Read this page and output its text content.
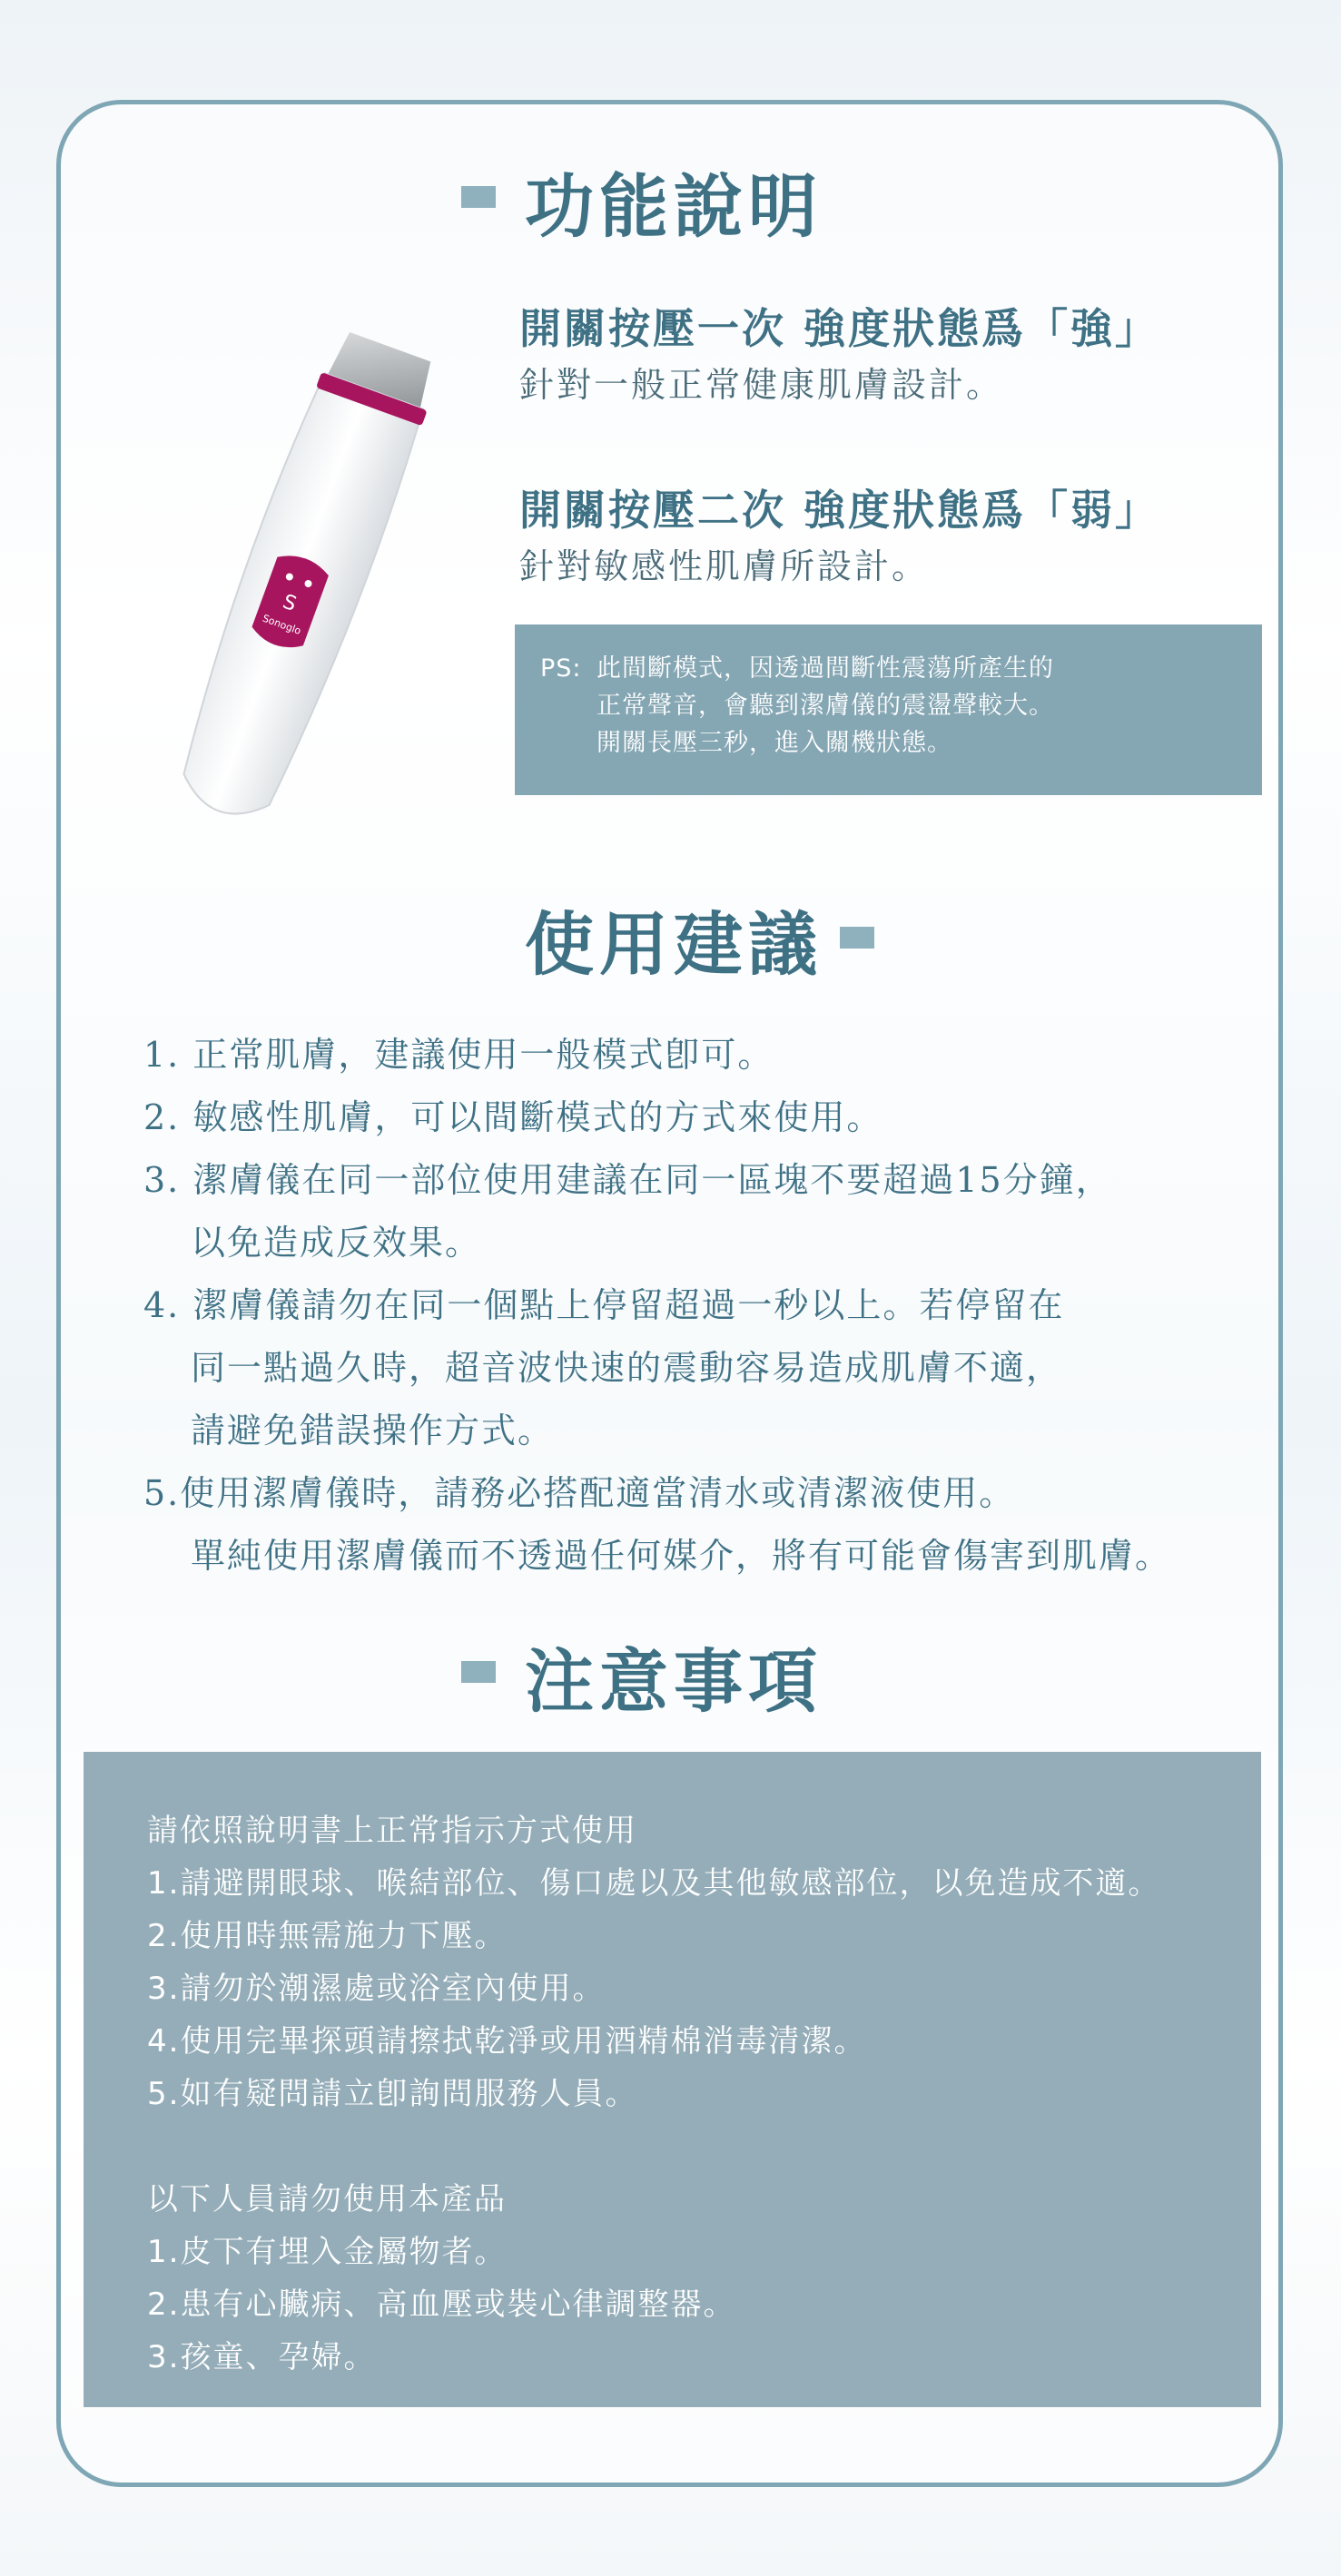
功能說明
S
Sonoglo
開關按壓一次 強度狀態爲「強」
針對一般正常健康肌膚設計。
開關按壓二次 強度狀態爲「弱」
針對敏感性肌膚所設計。
PS: 此間斷模式，因透過間斷性震蕩所產生的
正常聲音，會聽到潔膚儀的震盪聲較大。
開關長壓三秒，進入關機狀態。
使用建議
1. 正常肌膚，建議使用一般模式卽可。
2. 敏感性肌膚，可以間斷模式的方式來使用。
3. 潔膚儀在同一部位使用建議在同一區塊不要超過15分鐘，
以免造成反效果。
4. 潔膚儀請勿在同一個點上停留超過一秒以上。若停留在
同一點過久時，超音波快速的震動容易造成肌膚不適，
請避免錯誤操作方式。
5.使用潔膚儀時，請務必搭配適當清水或清潔液使用。
單純使用潔膚儀而不透過任何媒介，將有可能會傷害到肌膚。
注意事項
請依照說明書上正常指示方式使用
1.請避開眼球、喉結部位、傷口處以及其他敏感部位，以免造成不適。
2.使用時無需施力下壓。
3.請勿於潮濕處或浴室內使用。
4.使用完畢探頭請擦拭乾淨或用酒精棉消毒清潔。
5.如有疑問請立卽詢問服務人員。
以下人員請勿使用本產品
1.皮下有埋入金屬物者。
2.患有心臟病、高血壓或裝心律調整器。
3.孩童、孕婦。
